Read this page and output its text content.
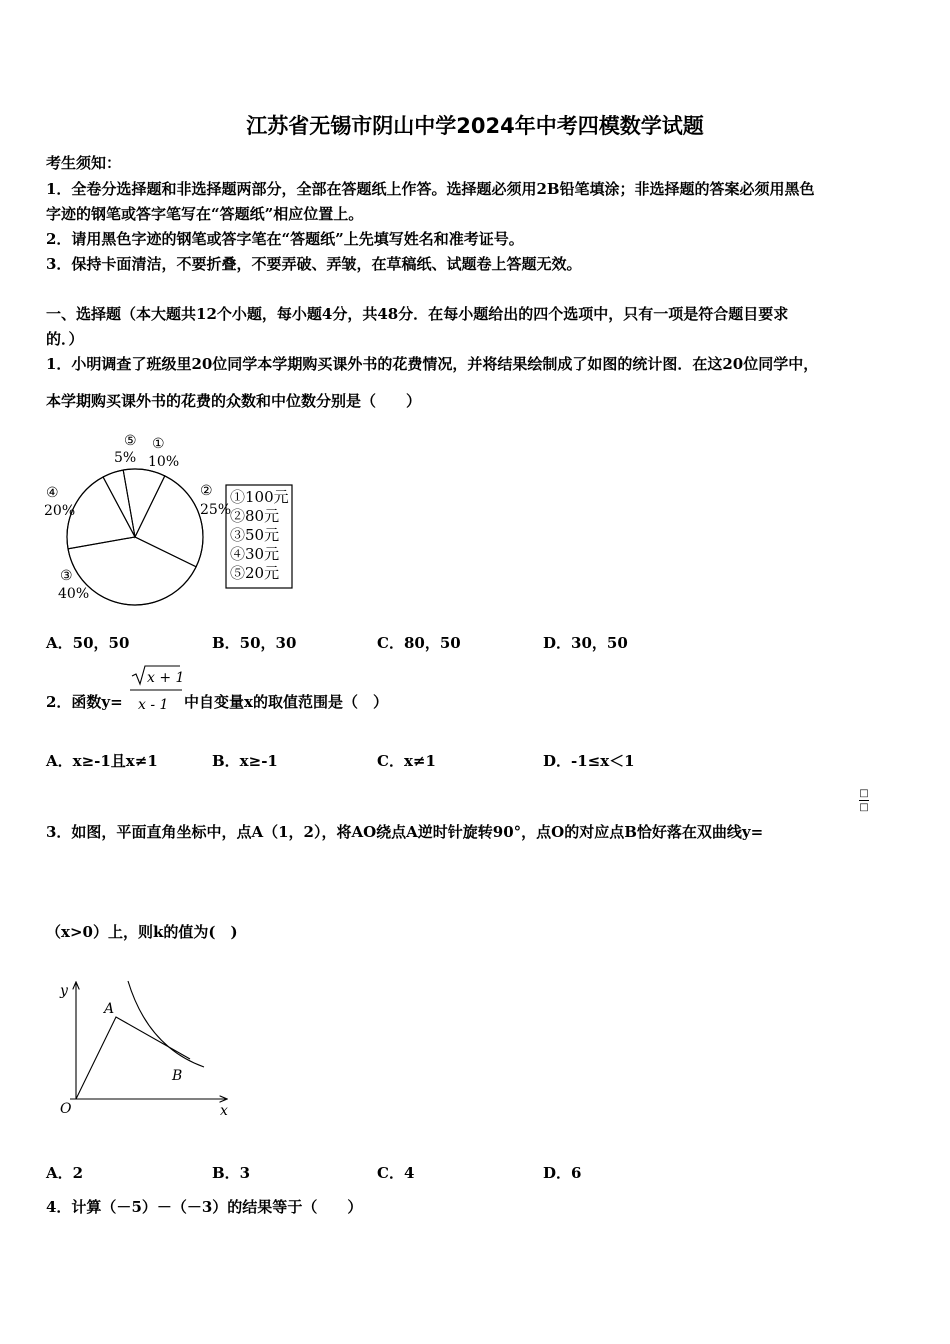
江苏省无锡市阴山中学2024年中考四模数学试题
考生须知：
1．全卷分选择题和非选择题两部分，全部在答题纸上作答。选择题必须用2B铅笔填涂；非选择题的答案必须用黑色
字迹的钢笔或答字笔写在“答题纸”相应位置上。
2．请用黑色字迹的钢笔或答字笔在“答题纸”上先填写姓名和准考证号。
3．保持卡面清洁，不要折叠，不要弄破、弄皱，在草稿纸、试题卷上答题无效。
一、选择题（本大题共12个小题，每小题4分，共48分．在每小题给出的四个选项中，只有一项是符合题目要求
的．）
1．小明调查了班级里20位同学本学期购买课外书的花费情况，并将结果绘制成了如图的统计图．在这20位同学中，
本学期购买课外书的花费的众数和中位数分别是（　　）
⑤
5%
①
10%
②
25%
④
20%
③
40%
①100元
②80元
③50元
④30元
⑤20元
A．50，50	B．50，30	C．80，50	D．30，50
2．函数y=
x + 1
x - 1 中自变量x的取值范围是（　）
A．x≥-1且x≠1	B．x≥-1	C．x≠1	D．-1≤x＜1
3．如图，平面直角坐标中，点A（1，2），将AO绕点A逆时针旋转90°，点O的对应点B恰好落在双曲线y=
□
□
（x>0）上，则k的值为(　)
y
x
O
A
B
A．2	B．3	C．4	D．6
4．计算（－5）－（－3）的结果等于（　　）
